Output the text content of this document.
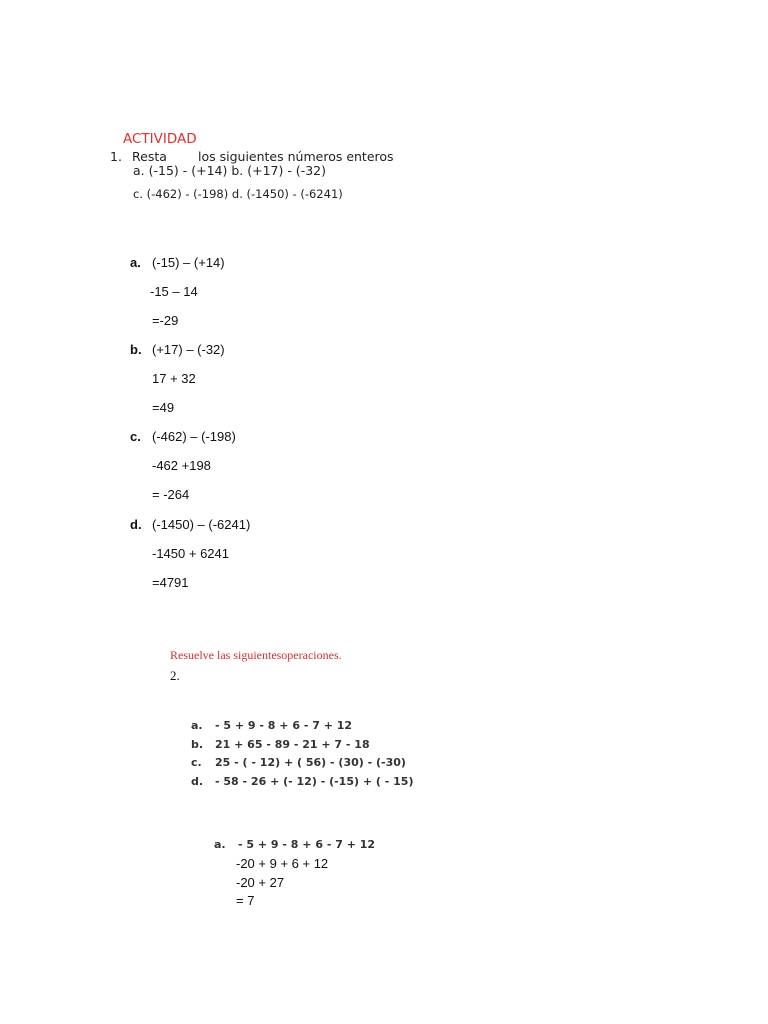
ACTIVIDAD
1. Resta los siguientes números enteros
a. (-15) - (+14) b. (+17) - (-32)
c. (-462) - (-198) d. (-1450) - (-6241)
a. (-15) – (+14)
-15 – 14
=-29
b. (+17) – (-32)
17 + 32
=49
c. (-462) – (-198)
-462 +198
= -264
d. (-1450) – (-6241)
-1450 + 6241
=4791
Resuelve las siguientesoperaciones.
2.
a. - 5 + 9 - 8 + 6 - 7 + 12
b. 21 + 65 - 89 - 21 + 7 - 18
c. 25 - ( - 12) + ( 56) - (30) - (-30)
d. - 58 - 26 + (- 12) - (-15) + ( - 15)
a. - 5 + 9 - 8 + 6 - 7 + 12
-20 + 9 + 6 + 12
-20 + 27
= 7
